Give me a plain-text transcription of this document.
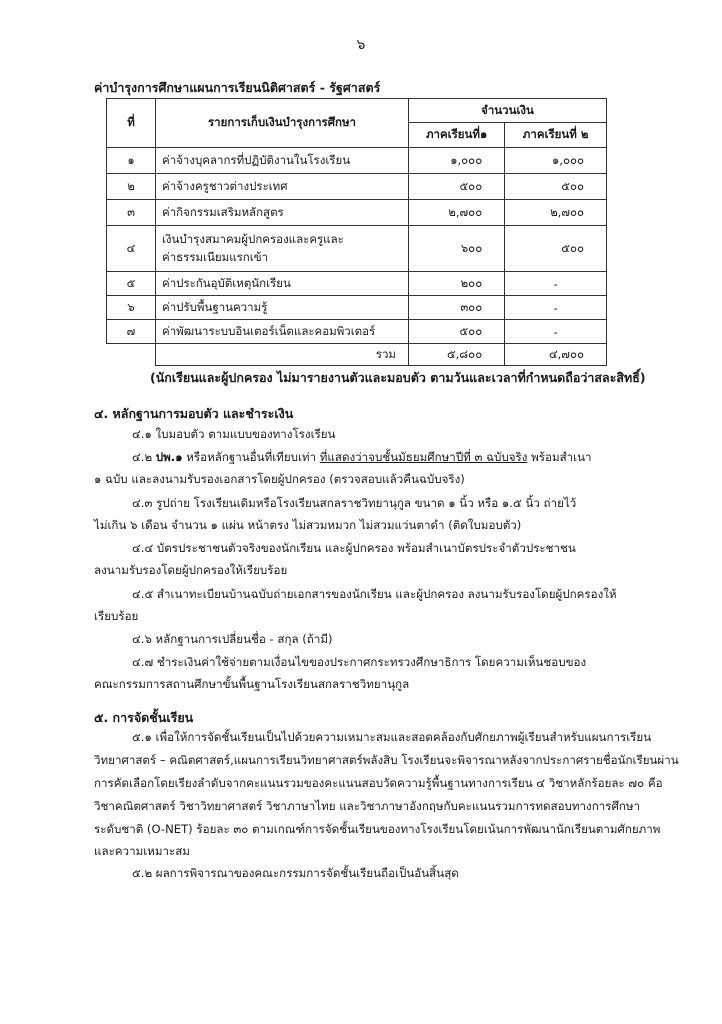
๖
ค่าบำรุงการศึกษาแผนการเรียนนิติศาสตร์ - รัฐศาสตร์
ที่	รายการเก็บเงินบำรุงการศึกษา	จำนวนเงิน	
		ภาคเรียนที่๑	ภาคเรียนที่ ๒
๑	ค่าจ้างบุคลากรที่ปฏิบัติงานในโรงเรียน	๑,๐๐๐	๑,๐๐๐
๒	ค่าจ้างครูชาวต่างประเทศ	๕๐๐	๕๐๐
๓	ค่ากิจกรรมเสริมหลักสูตร	๒,๗๐๐	๒,๗๐๐
๔	เงินบำรุงสมาคมผู้ปกครองและครูและ
ค่าธรรมเนียมแรกเข้า	๖๐๐	๕๐๐
๕	ค่าประกันอุบัติเหตุนักเรียน	๒๐๐	-
๖	ค่าปรับพื้นฐานความรู้	๓๐๐	-
๗	ค่าพัฒนาระบบอินเตอร์เน็ตและคอมพิวเตอร์	๕๐๐	-
	รวม	๕,๘๐๐	๔,๗๐๐
(นักเรียนและผู้ปกครอง ไม่มารายงานตัวและมอบตัว ตามวันและเวลาที่กำหนดถือว่าสละสิทธิ์)
๔. หลักฐานการมอบตัว และชำระเงิน
๔.๑ ใบมอบตัว ตามแบบของทางโรงเรียน
๔.๒ ปพ.๑ หรือหลักฐานอื่นที่เทียบเท่า ที่แสดงว่าจบชั้นมัธยมศึกษาปีที่ ๓ ฉบับจริง พร้อมสำเนา
๑ ฉบับ และลงนามรับรองเอกสารโดยผู้ปกครอง (ตรวจสอบแล้วคืนฉบับจริง)
๔.๓ รูปถ่าย โรงเรียนเดิมหรือโรงเรียนสกลราชวิทยานุกูล ขนาด ๑ นิ้ว หรือ ๑.๕ นิ้ว ถ่ายไว้
ไม่เกิน ๖ เดือน จำนวน ๑ แผ่น หน้าตรง ไม่สวมหมวก ไม่สวมแว่นตาดำ (ติดใบมอบตัว)
๔.๔ บัตรประชาชนตัวจริงของนักเรียน และผู้ปกครอง พร้อมสำเนาบัตรประจำตัวประชาชน
ลงนามรับรองโดยผู้ปกครองให้เรียบร้อย
๔.๕ สำเนาทะเบียนบ้านฉบับถ่ายเอกสารของนักเรียน และผู้ปกครอง ลงนามรับรองโดยผู้ปกครองให้
เรียบร้อย
๔.๖ หลักฐานการเปลี่ยนชื่อ - สกุล (ถ้ามี)
๔.๗ ชำระเงินค่าใช้จ่ายตามเงื่อนไขของประกาศกระทรวงศึกษาธิการ โดยความเห็นชอบของ
คณะกรรมการสถานศึกษาขั้นพื้นฐานโรงเรียนสกลราชวิทยานุกูล
๕. การจัดชั้นเรียน
๕.๑ เพื่อให้การจัดชั้นเรียนเป็นไปด้วยความเหมาะสมและสอดคล้องกับศักยภาพผู้เรียนสำหรับแผนการเรียน
วิทยาศาสตร์ – คณิตศาสตร์,แผนการเรียนวิทยาศาสตร์พลังสิบ โรงเรียนจะพิจารณาหลังจากประกาศรายชื่อนักเรียนผ่าน
การคัดเลือกโดยเรียงลำดับจากคะแนนรวมของคะแนนสอบวัดความรู้พื้นฐานทางการเรียน ๔ วิชาหลักร้อยละ ๗๐ คือ
วิชาคณิตศาสตร์ วิชาวิทยาศาสตร์ วิชาภาษาไทย และวิชาภาษาอังกฤษกับคะแนนรวมการทดสอบทางการศึกษา
ระดับชาติ (O-NET) ร้อยละ ๓๐ ตามเกณฑ์การจัดชั้นเรียนของทางโรงเรียนโดยเน้นการพัฒนานักเรียนตามศักยภาพ
และความเหมาะสม
๕.๒ ผลการพิจารณาของคณะกรรมการจัดชั้นเรียนถือเป็นอันสิ้นสุด
